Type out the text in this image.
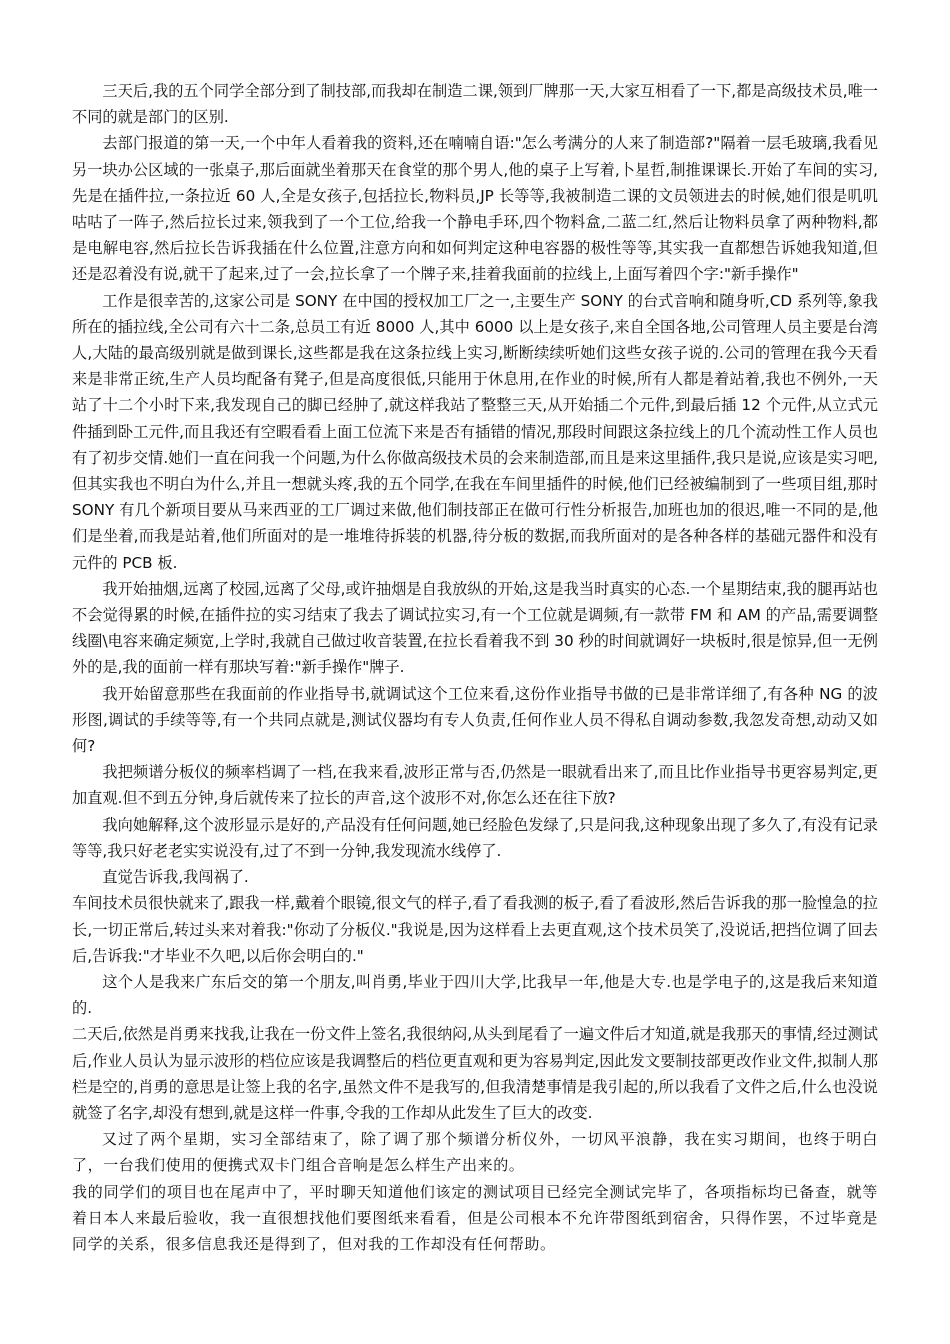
三天后,我的五个同学全部分到了制技部,而我却在制造二课,领到厂牌那一天,大家互相看了一下,都是高级技术员,唯一不同的就是部门的区别.

去部门报道的第一天,一个中年人看着我的资料,还在喃喃自语:"怎么考满分的人来了制造部?"隔着一层毛玻璃,我看见另一块办公区域的一张桌子,那后面就坐着那天在食堂的那个男人,他的桌子上写着,卜星哲,制推课课长.开始了车间的实习,先是在插件拉,一条拉近 60 人,全是女孩子,包括拉长,物料员,JP 长等等,我被制造二课的文员领进去的时候,她们很是叽叽咕咕了一阵子,然后拉长过来,领我到了一个工位,给我一个静电手环,四个物料盒,二蓝二红,然后让物料员拿了两种物料,都是电解电容,然后拉长告诉我插在什么位置,注意方向和如何判定这种电容器的极性等等,其实我一直都想告诉她我知道,但还是忍着没有说,就干了起来,过了一会,拉长拿了一个牌子来,挂着我面前的拉线上,上面写着四个字:"新手操作"

工作是很幸苦的,这家公司是 SONY 在中国的授权加工厂之一,主要生产 SONY 的台式音响和随身听,CD 系列等,象我所在的插拉线,全公司有六十二条,总员工有近 8000 人,其中 6000 以上是女孩子,来自全国各地,公司管理人员主要是台湾人,大陆的最高级别就是做到课长,这些都是我在这条拉线上实习,断断续续听她们这些女孩子说的.公司的管理在我今天看来是非常正统,生产人员均配备有凳子,但是高度很低,只能用于休息用,在作业的时候,所有人都是着站着,我也不例外,一天站了十二个小时下来,我发现自己的脚已经肿了,就这样我站了整整三天,从开始插二个元件,到最后插 12 个元件,从立式元件插到卧工元件,而且我还有空暇看看上面工位流下来是否有插错的情况,那段时间跟这条拉线上的几个流动性工作人员也有了初步交情.她们一直在问我一个问题,为什么你做高级技术员的会来制造部,而且是来这里插件,我只是说,应该是实习吧,但其实我也不明白为什么,并且一想就头疼,我的五个同学,在我在车间里插件的时候,他们已经被编制到了一些项目组,那时 SONY 有几个新项目要从马来西亚的工厂调过来做,他们制技部正在做可行性分析报告,加班也加的很迟,唯一不同的是,他们是坐着,而我是站着,他们所面对的是一堆堆待拆装的机器,待分板的数据,而我所面对的是各种各样的基础元器件和没有元件的 PCB 板.

我开始抽烟,远离了校园,远离了父母,或许抽烟是自我放纵的开始,这是我当时真实的心态.一个星期结束,我的腿再站也不会觉得累的时候,在插件拉的实习结束了我去了调试拉实习,有一个工位就是调频,有一款带 FM 和 AM 的产品,需要调整线圈\电容来确定频宽,上学时,我就自己做过收音装置,在拉长看着我不到 30 秒的时间就调好一块板时,很是惊异,但一无例外的是,我的面前一样有那块写着:"新手操作"牌子.

我开始留意那些在我面前的作业指导书,就调试这个工位来看,这份作业指导书做的已是非常详细了,有各种 NG 的波形图,调试的手续等等,有一个共同点就是,测试仪器均有专人负责,任何作业人员不得私自调动参数,我忽发奇想,动动又如何?

我把频谱分板仪的频率档调了一档,在我来看,波形正常与否,仍然是一眼就看出来了,而且比作业指导书更容易判定,更加直观.但不到五分钟,身后就传来了拉长的声音,这个波形不对,你怎么还在往下放?

我向她解释,这个波形显示是好的,产品没有任何问题,她已经脸色发绿了,只是问我,这种现象出现了多久了,有没有记录等等,我只好老老实实说没有,过了不到一分钟,我发现流水线停了.

直觉告诉我,我闯祸了.

车间技术员很快就来了,跟我一样,戴着个眼镜,很文气的样子,看了看我测的板子,看了看波形,然后告诉我的那一脸惶急的拉长,一切正常后,转过头来对着我:"你动了分板仪."我说是,因为这样看上去更直观,这个技术员笑了,没说话,把挡位调了回去后,告诉我:"才毕业不久吧,以后你会明白的."

这个人是我来广东后交的第一个朋友,叫肖勇,毕业于四川大学,比我早一年,他是大专.也是学电子的,这是我后来知道的.

二天后,依然是肖勇来找我,让我在一份文件上签名,我很纳闷,从头到尾看了一遍文件后才知道,就是我那天的事情,经过测试后,作业人员认为显示波形的档位应该是我调整后的档位更直观和更为容易判定,因此发文要制技部更改作业文件,拟制人那栏是空的,肖勇的意思是让签上我的名字,虽然文件不是我写的,但我清楚事情是我引起的,所以我看了文件之后,什么也没说就签了名字,却没有想到,就是这样一件事,令我的工作却从此发生了巨大的改变.

又过了两个星期，实习全部结束了，除了调了那个频谱分析仪外，一切风平浪静，我在实习期间，也终于明白了，一台我们使用的便携式双卡门组合音响是怎么样生产出来的。

我的同学们的项目也在尾声中了，平时聊天知道他们该定的测试项目已经完全测试完毕了，各项指标均已备查，就等着日本人来最后验收，我一直很想找他们要图纸来看看，但是公司根本不允许带图纸到宿舍，只得作罢，不过毕竟是同学的关系，很多信息我还是得到了，但对我的工作却没有任何帮助。
